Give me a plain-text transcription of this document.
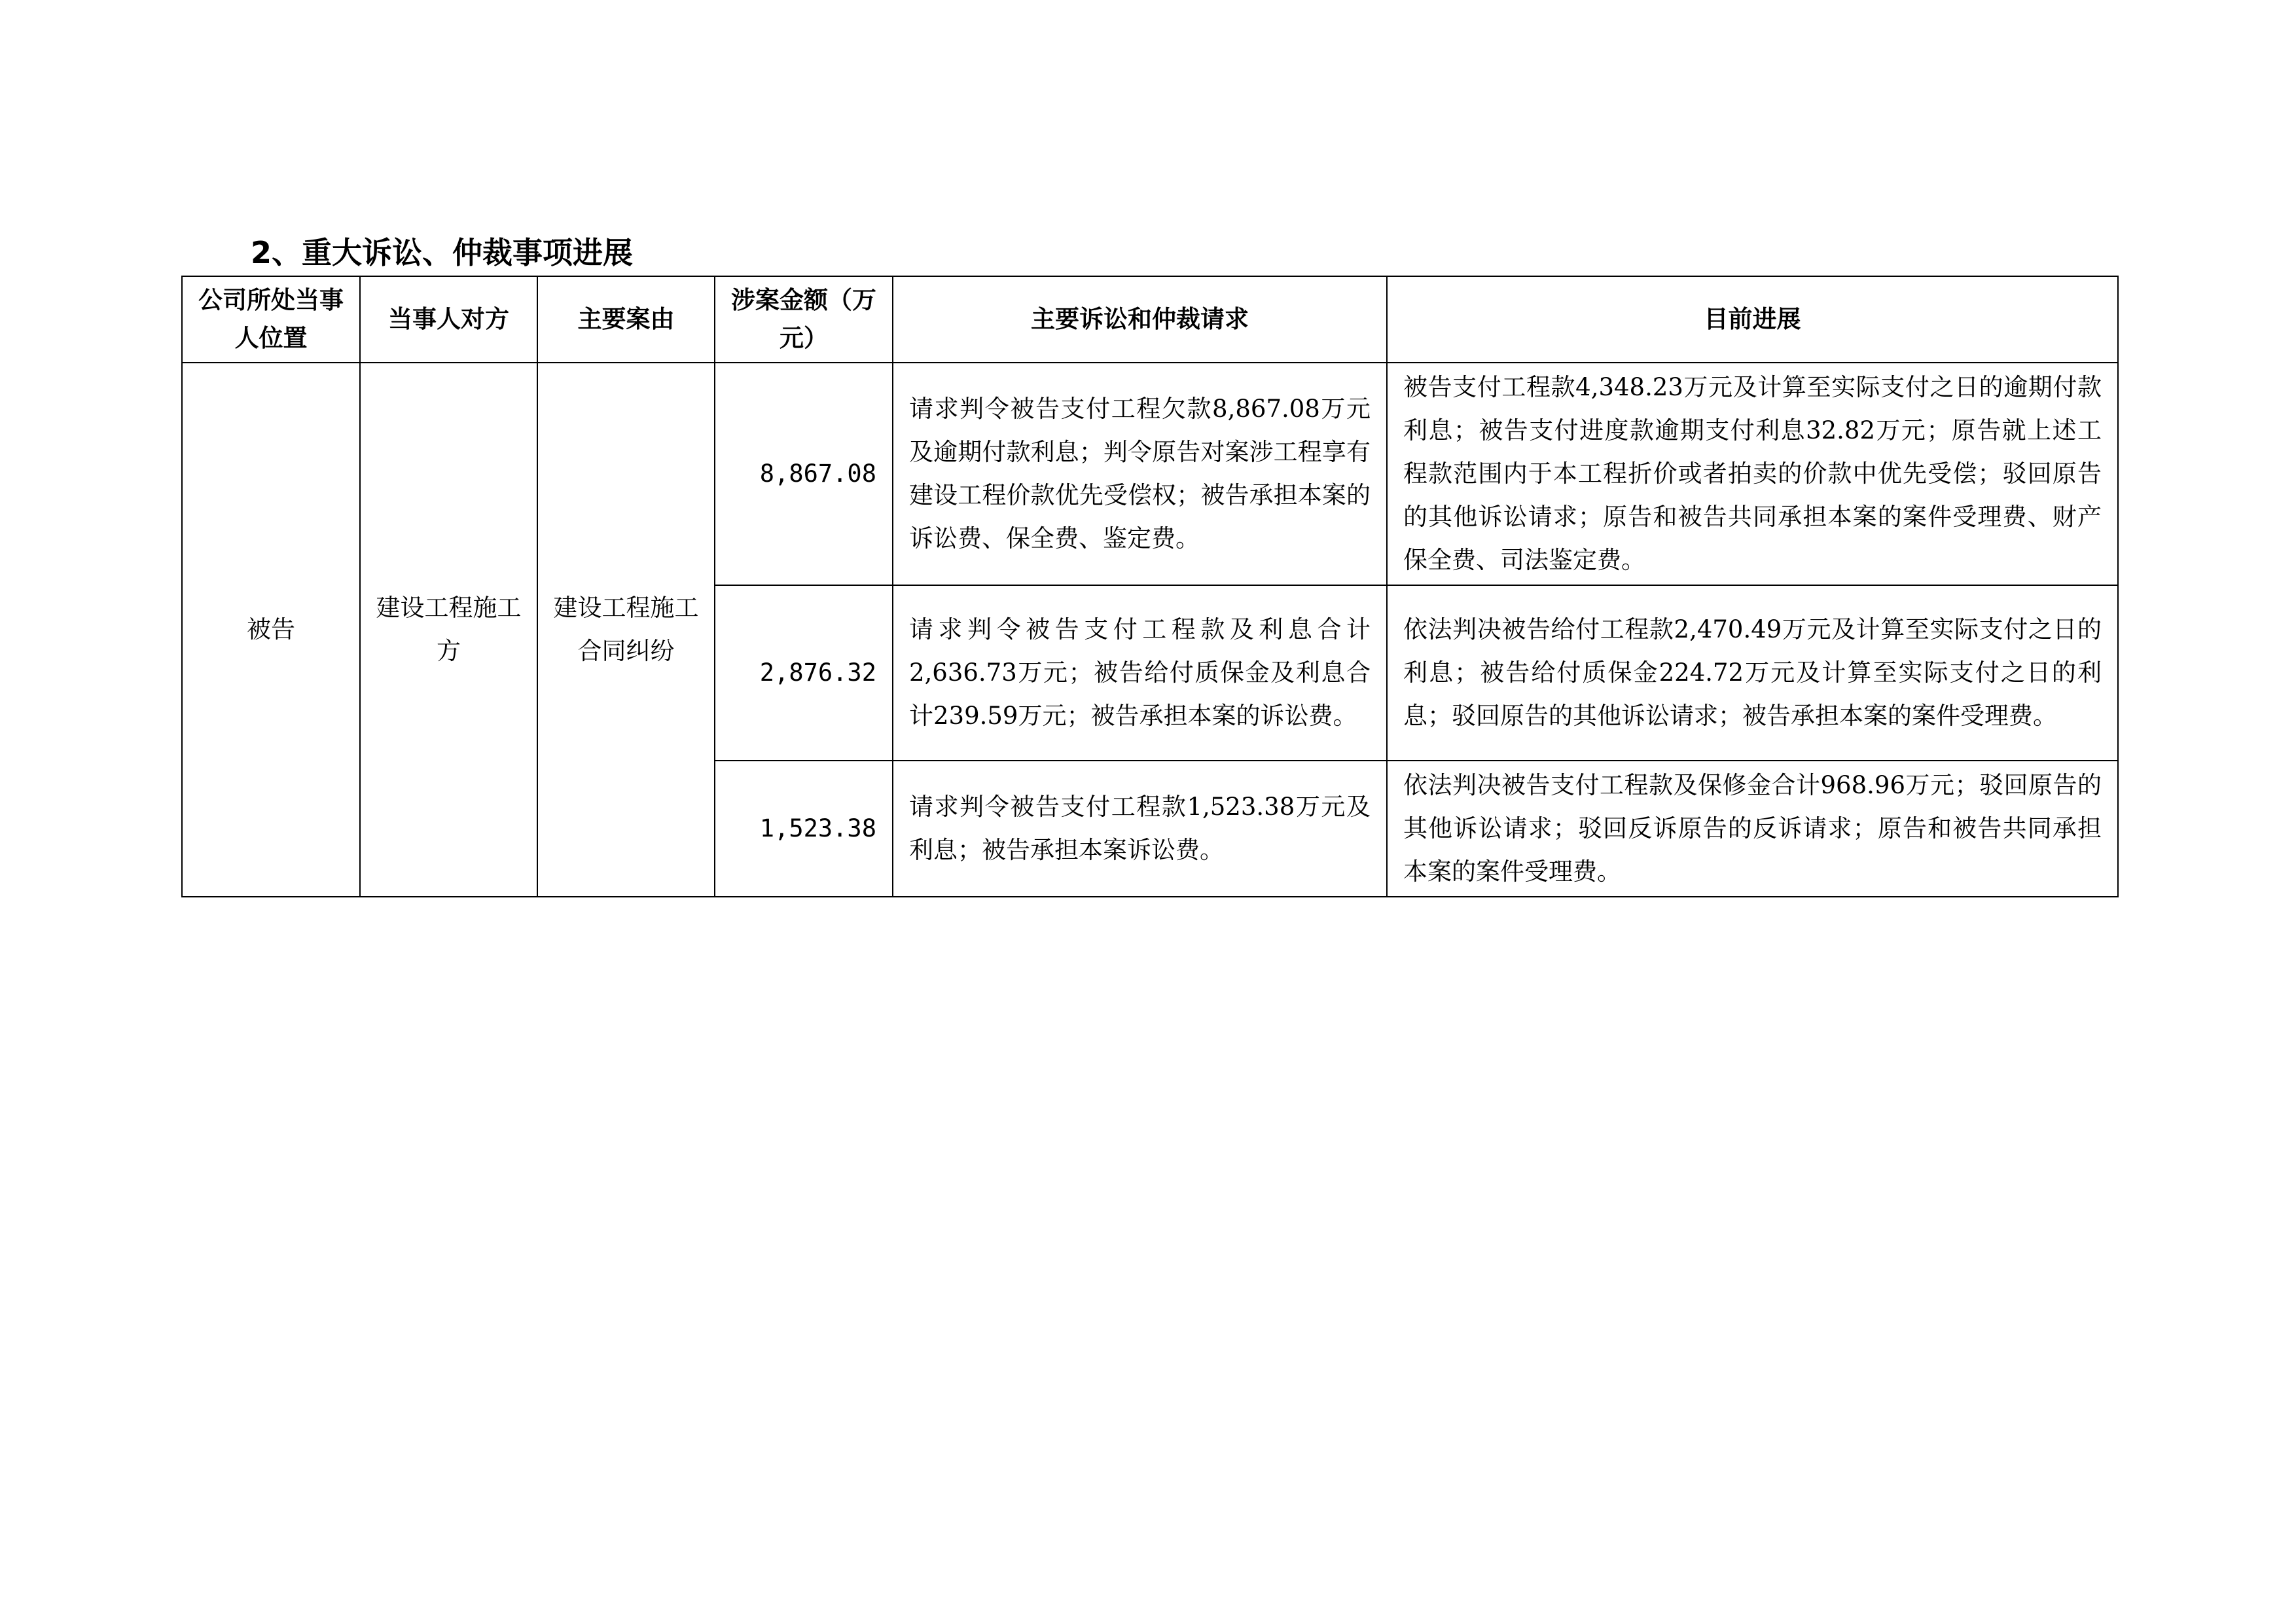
2、重大诉讼、仲裁事项进展
公司所处当事人位置	当事人对方	主要案由	涉案金额（万元）	主要诉讼和仲裁请求	目前进展
被告	建设工程施工方	建设工程施工合同纠纷	8,867.08	请求判令被告支付工程欠款8,867.08万元及逾期付款利息；判令原告对案涉工程享有建设工程价款优先受偿权；被告承担本案的诉讼费、保全费、鉴定费。	被告支付工程款4,348.23万元及计算至实际支付之日的逾期付款利息；被告支付进度款逾期支付利息32.82万元；原告就上述工程款范围内于本工程折价或者拍卖的价款中优先受偿；驳回原告的其他诉讼请求；原告和被告共同承担本案的案件受理费、财产保全费、司法鉴定费。
			2,876.32	请求判令被告支付工程款及利息合计2,636.73万元；被告给付质保金及利息合计239.59万元；被告承担本案的诉讼费。	依法判决被告给付工程款2,470.49万元及计算至实际支付之日的利息；被告给付质保金224.72万元及计算至实际支付之日的利息；驳回原告的其他诉讼请求；被告承担本案的案件受理费。
			1,523.38	请求判令被告支付工程款1,523.38万元及利息；被告承担本案诉讼费。	依法判决被告支付工程款及保修金合计968.96万元；驳回原告的其他诉讼请求；驳回反诉原告的反诉请求；原告和被告共同承担本案的案件受理费。
